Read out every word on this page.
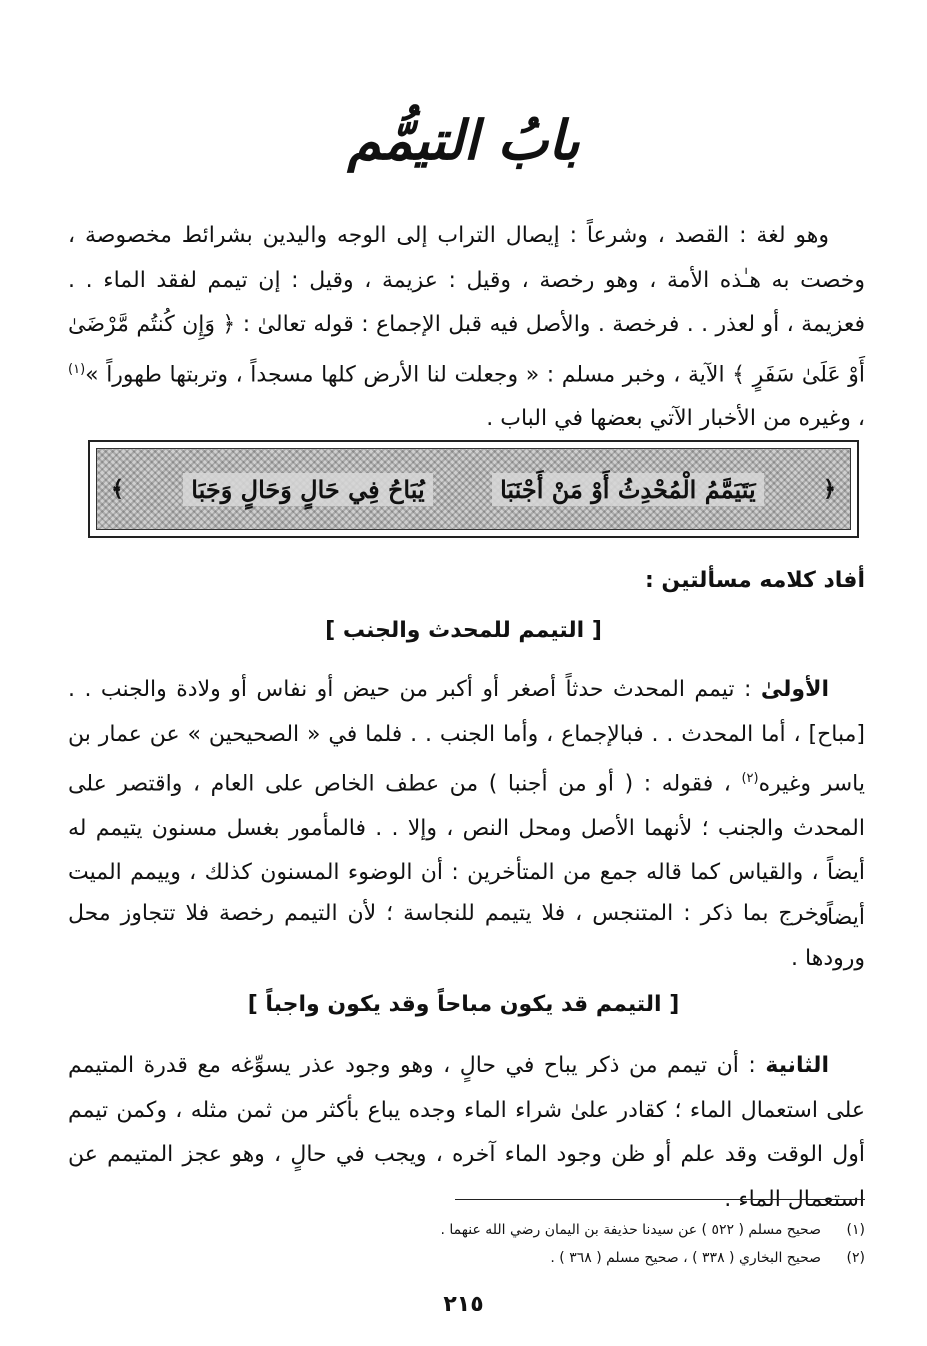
بابُ التيمُّم

وهو لغة : القصد ، وشرعاً : إيصال التراب إلى الوجه واليدين بشرائط مخصوصة ، وخصت به هـٰذه الأمة ، وهو رخصة ، وقيل : عزيمة ، وقيل : إن تيمم لفقد الماء . . فعزيمة ، أو لعذر . . فرخصة . والأصل فيه قبل الإجماع : قوله تعالىٰ : ﴿ وَإِن كُنتُم مَّرْضَىٰ أَوْ عَلَىٰ سَفَرٍ ﴾ الآية ، وخبر مسلم : « وجعلت لنا الأرض كلها مسجداً ، وتربتها طهوراً »$^{(١)}$ ، وغيره من الأخبار الآتي بعضها في الباب .

﴿
يَتَيَمَّمُ الْمُحْدِثُ أَوْ مَنْ أَجْنَبَا
يُبَاحُ فِي حَالٍ وَحَالٍ وَجَبَا
﴾
أفاد كلامه مسألتين :
[ التيمم للمحدث والجنب ]

الأولىٰ : تيمم المحدث حدثاً أصغر أو أكبر من حيض أو نفاس أو ولادة والجنب . . [مباح] ، أما المحدث . . فبالإجماع ، وأما الجنب . . فلما في « الصحيحين » عن عمار بن ياسر وغيره$^{(٢)}$ ، فقوله : ( أو من أجنبا ) من عطف الخاص على العام ، واقتصر على المحدث والجنب ؛ لأنهما الأصل ومحل النص ، وإلا . . فالمأمور بغسل مسنون يتيمم له أيضاً ، والقياس كما قاله جمع من المتأخرين : أن الوضوء المسنون كذلك ، وييمم الميت أيضاً .

وخرج بما ذكر : المتنجس ، فلا يتيمم للنجاسة ؛ لأن التيمم رخصة فلا تتجاوز محل ورودها .

[ التيمم قد يكون مباحاً وقد يكون واجباً ]

الثانية : أن تيمم من ذكر يباح في حالٍ ، وهو وجود عذر يسوِّغه مع قدرة المتيمم على استعمال الماء ؛ كقادر علىٰ شراء الماء وجده يباع بأكثر من ثمن مثله ، وكمن تيمم أول الوقت وقد علم أو ظن وجود الماء آخره ، ويجب في حالٍ ، وهو عجز المتيمم عن استعمال الماء .

(١)
صحيح مسلم ( ٥٢٢ ) عن سيدنا حذيفة بن اليمان رضي الله عنهما .
(٢)
صحيح البخاري ( ٣٣٨ ) ، صحيح مسلم ( ٣٦٨ ) .
٢١٥
